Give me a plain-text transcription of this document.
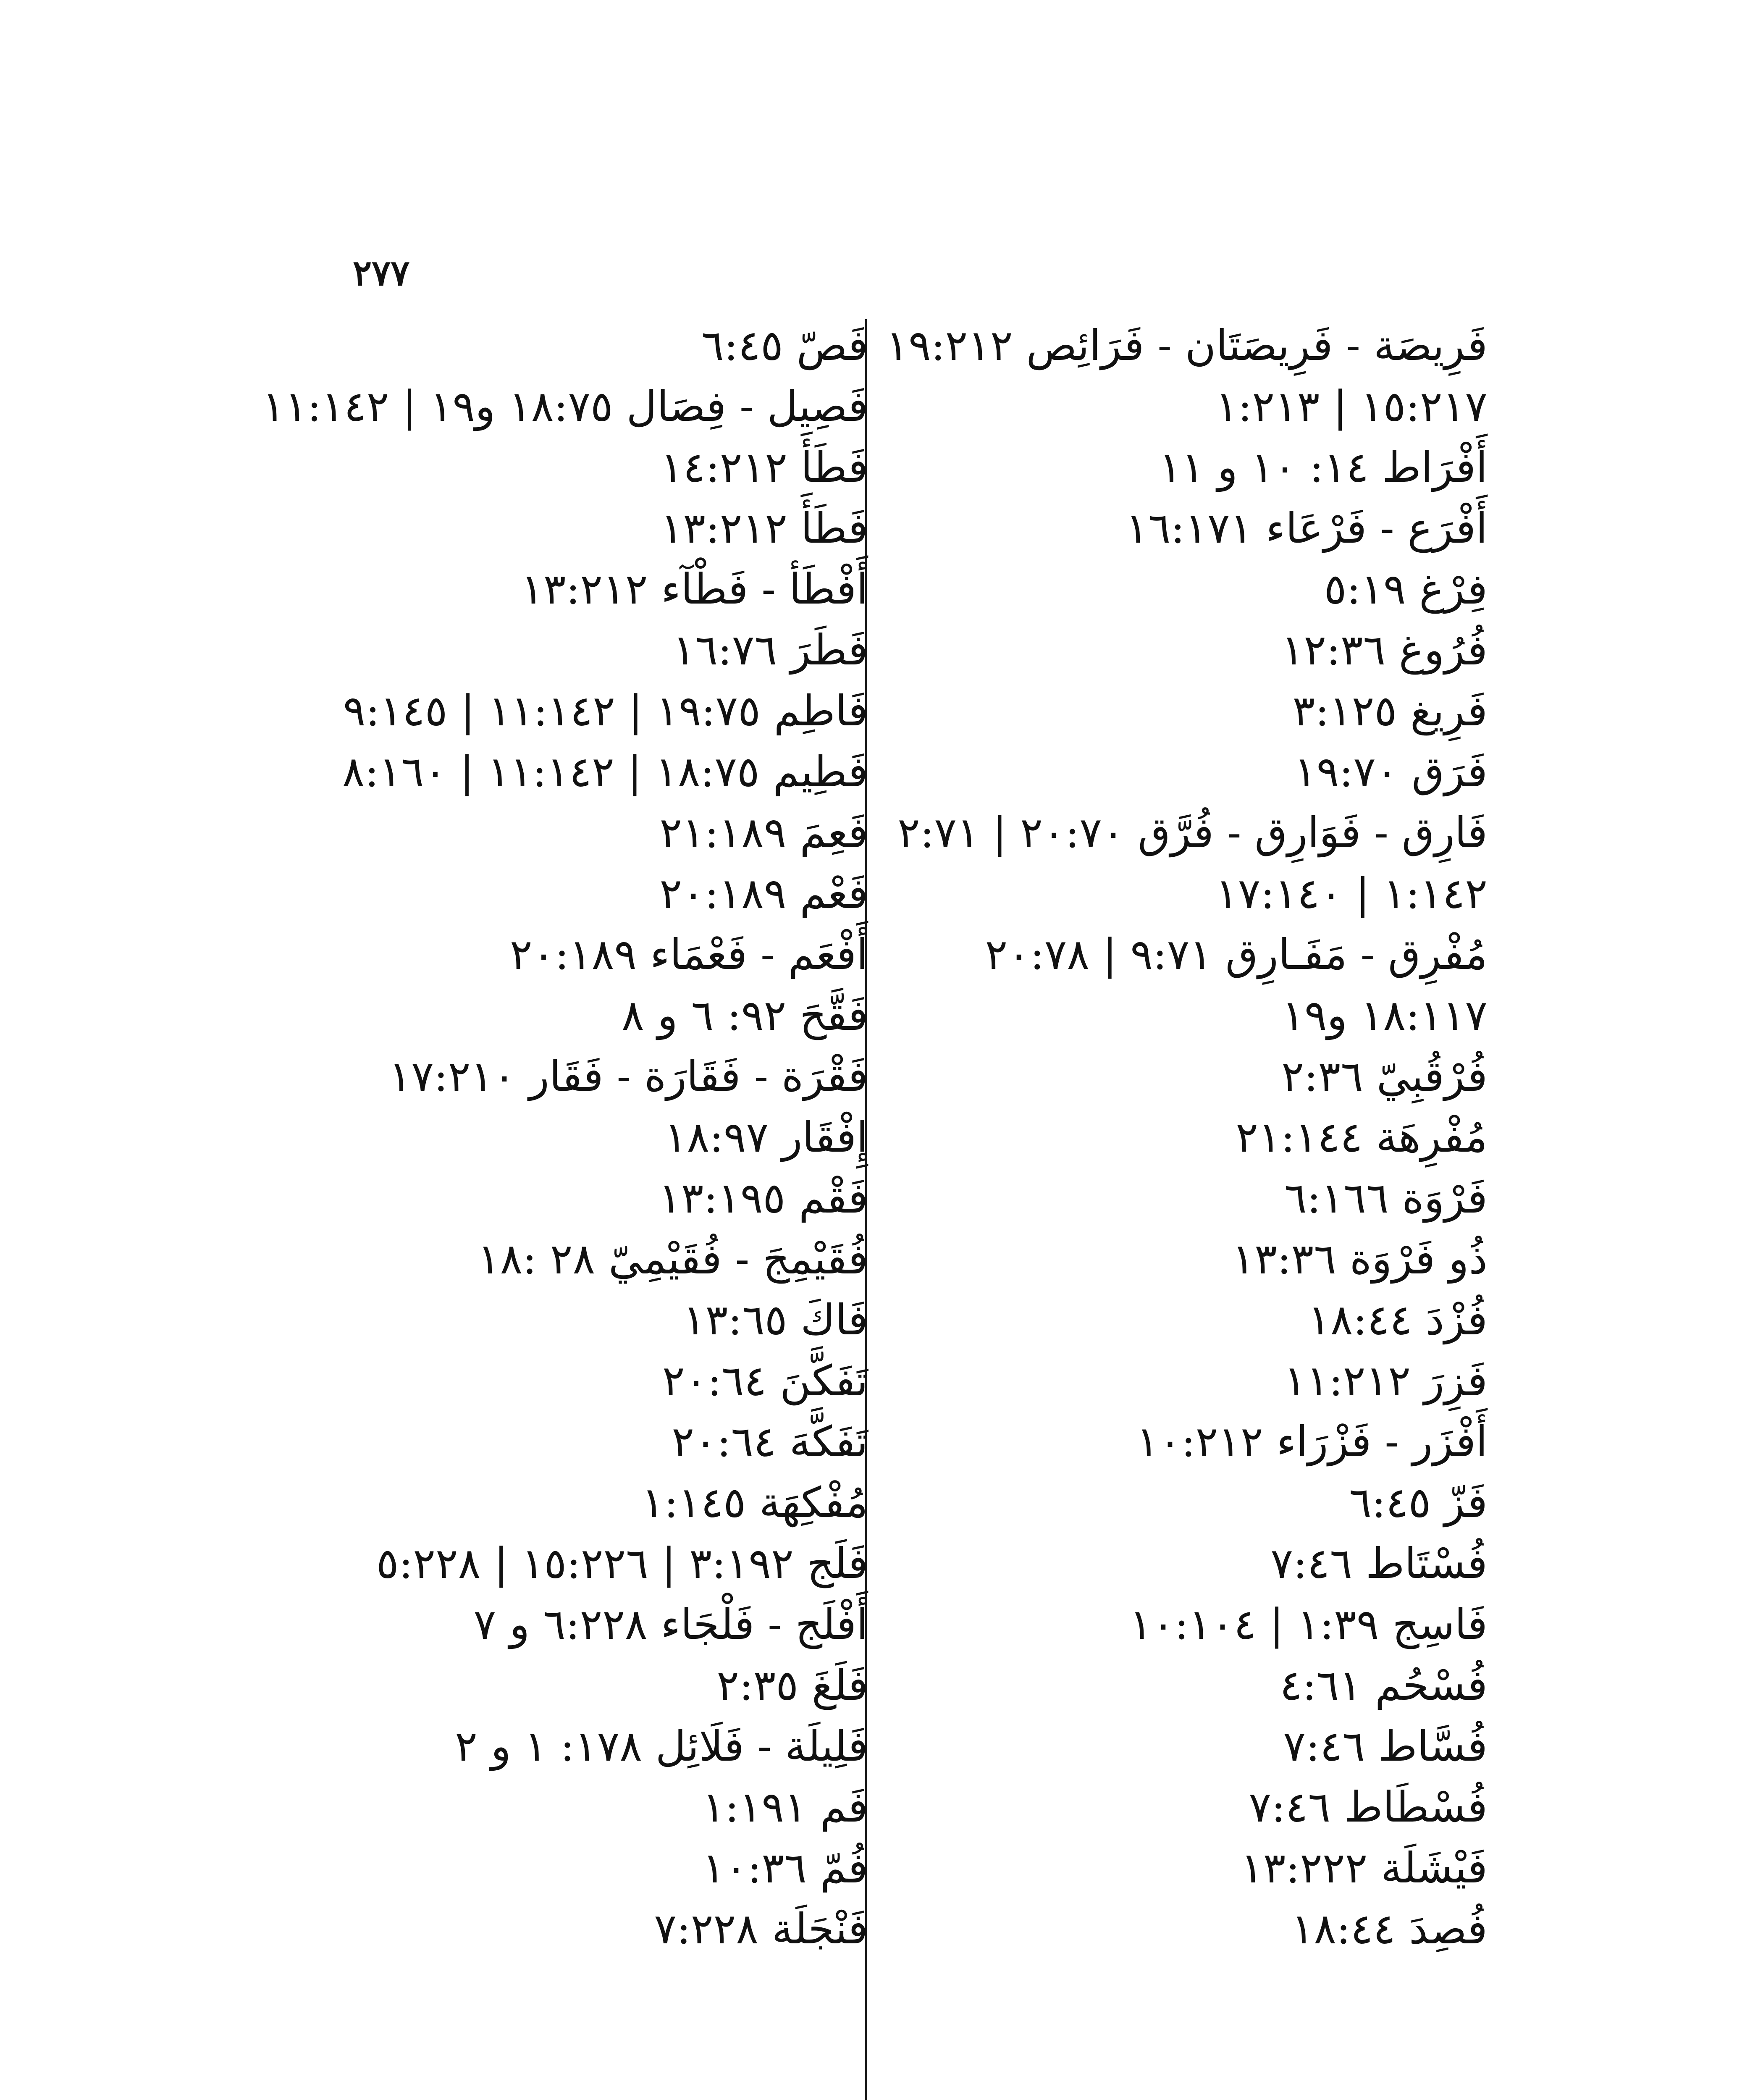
٢٧٧
فَرِيصَة - فَرِيصَتَان - فَرَائِص ١٩:٢١٢
١٥:٢١٧ | ١:٢١٣
أَفْرَاط ١٤: ١٠ و ١١
أَفْرَع - فَرْعَاء ١٦:١٧١
فِرْغ ٥:١٩
فُرُوغ ١٢:٣٦
فَرِيغ ٣:١٢٥
فَرَق ١٩:٧٠
فَارِق - فَوَارِق - فُرَّق ٢٠:٧٠ | ٢:٧١
١:١٤٢ | ١٧:١٤٠
مُفْرِق - مَفَـارِق ٩:٧١ | ٢٠:٧٨
١٨:١١٧ و١٩
فُرْقُبِيّ ٢:٣٦
مُفْرِهَة ٢١:١٤٤
فَرْوَة ٦:١٦٦
ذُو فَرْوَة ١٣:٣٦
فُزْدَ ١٨:٤٤
فَزِرَ ١١:٢١٢
أَفْزَر - فَزْرَاء ١٠:٢١٢
فَزّ ٦:٤٥
فُسْتَاط ٧:٤٦
فَاسِج ١:٣٩ | ١٠:١٠٤
فُسْحُم ٤:٦١
فُسَّاط ٧:٤٦
فُسْطَاط ٧:٤٦
فَيْشَلَة ١٣:٢٢٢
فُصِدَ ١٨:٤٤
فَصّ ٦:٤٥
فَصِيل - فِصَال ١٨:٧٥ و١٩ | ١١:١٤٢
فَطَأَ ١٤:٢١٢
فَطَأَ ١٣:٢١٢
أَفْطَأ - فَطْآء ١٣:٢١٢
فَطَرَ ١٦:٧٦
فَاطِم ١٩:٧٥ | ١١:١٤٢ | ٩:١٤٥
فَطِيم ١٨:٧٥ | ١١:١٤٢ | ٨:١٦٠
فَعِمَ ٢١:١٨٩
فَعْم ٢٠:١٨٩
أَفْعَم - فَعْمَاء ٢٠:١٨٩
فَقَّحَ ٩٢: ٦ و ٨
فَقْرَة - فَقَارَة - فَقَار ١٧:٢١٠
إِفْقَار ١٨:٩٧
فَقْم ١٣:١٩٥
فُقَيْمِجَ - فُقَيْمِيّ ٢٨ :١٨
فَاكَ ١٣:٦٥
تَفَكَّنَ ٢٠:٦٤
تَفَكَّهَ ٢٠:٦٤
مُفْكِهَة ١:١٤٥
فَلَج ٣:١٩٢ | ١٥:٢٢٦ | ٥:٢٢٨
أَفْلَج - فَلْجَاء ٦:٢٢٨ و ٧
فَلَغَ ٢:٣٥
فَلِيلَة - فَلَائِل ١٧٨: ١ و ٢
فَم ١:١٩١
فُمّ ١٠:٣٦
فَنْجَلَة ٧:٢٢٨
